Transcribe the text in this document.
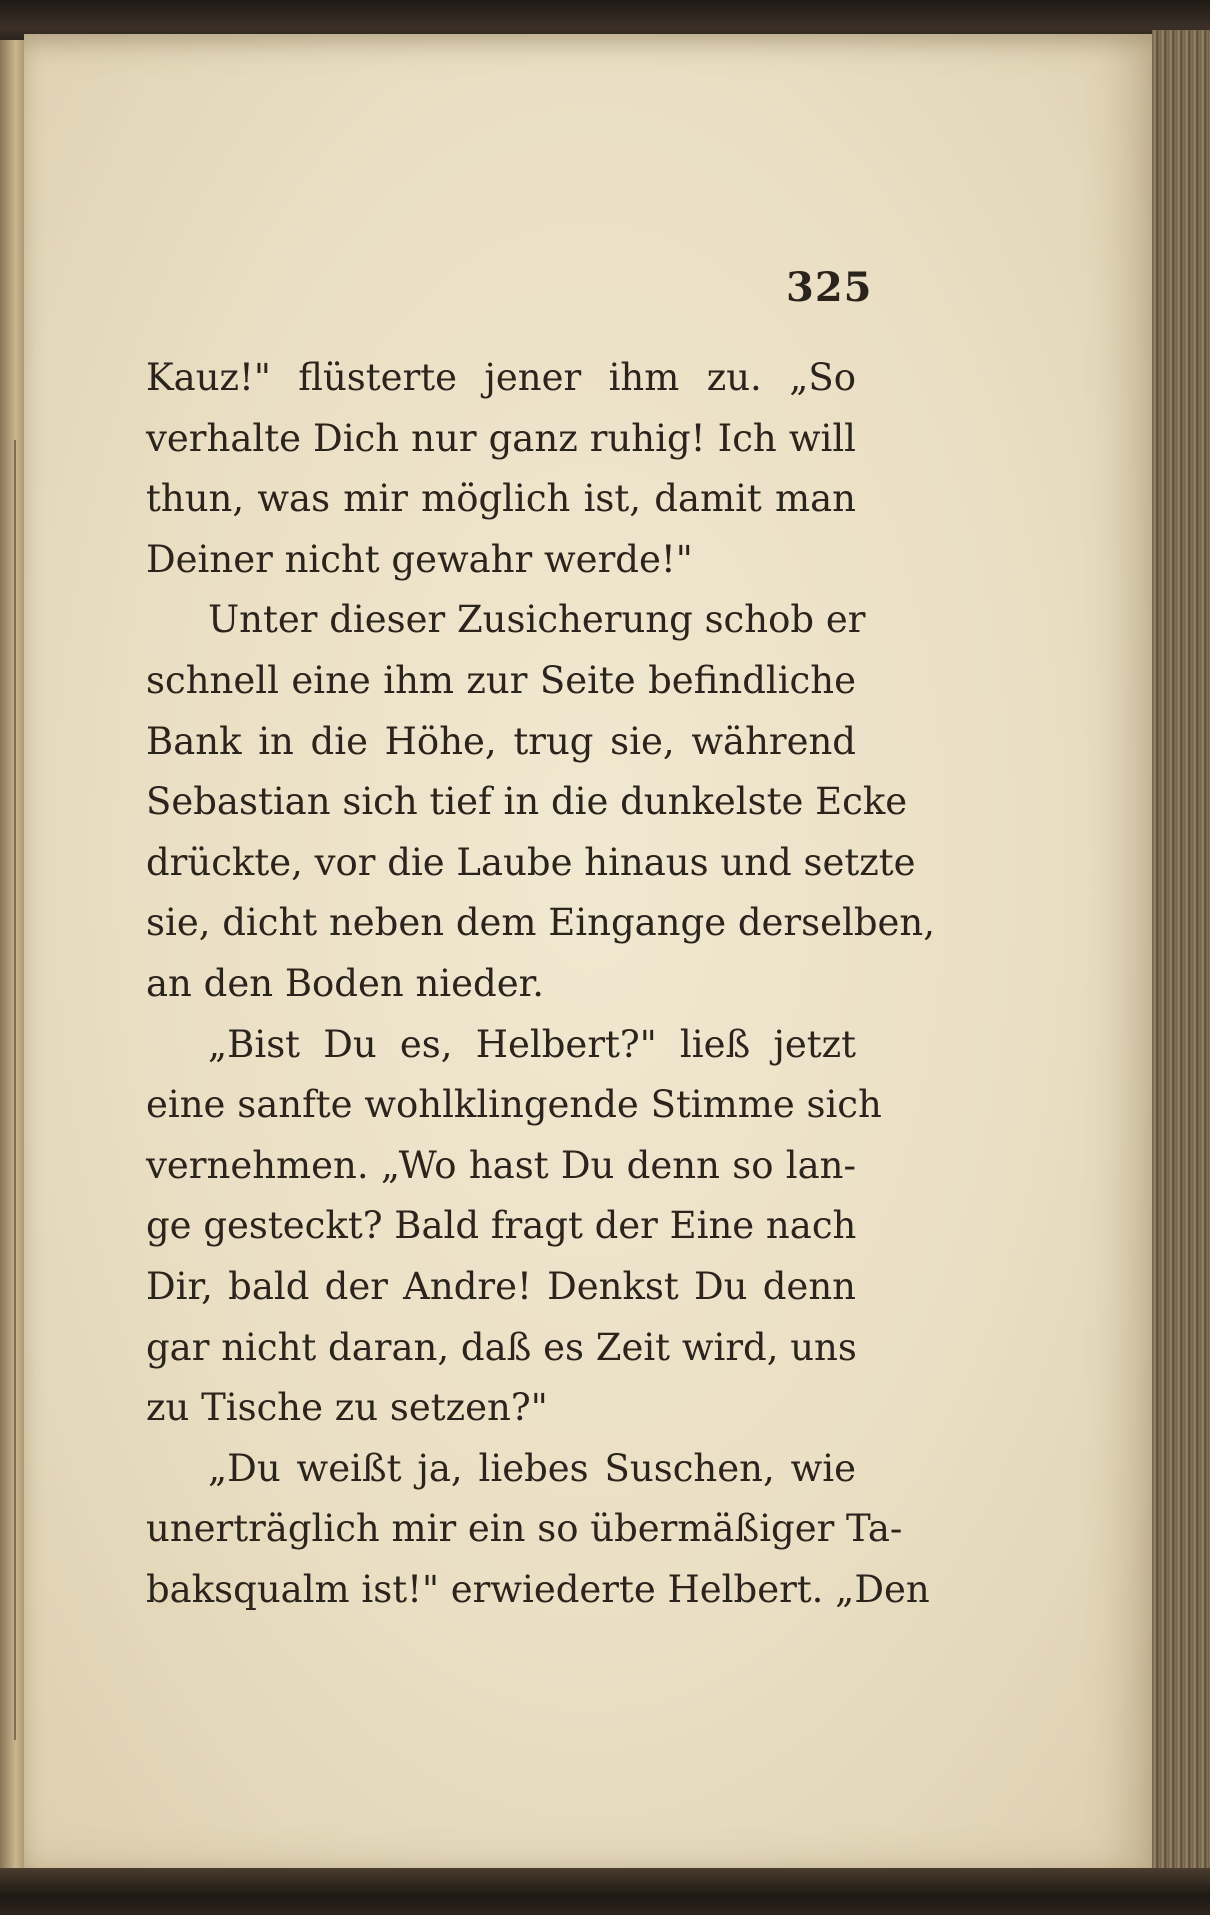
325
Kauz!" flüsterte jener ihm zu. „So
verhalte Dich nur ganz ruhig! Ich will
thun, was mir möglich ist, damit man
Deiner nicht gewahr werde!"
Unter dieser Zusicherung schob er
schnell eine ihm zur Seite befindliche
Bank in die Höhe, trug sie, während
Sebastian sich tief in die dunkelste Ecke
drückte, vor die Laube hinaus und setzte
sie, dicht neben dem Eingange derselben,
an den Boden nieder.
„Bist Du es, Helbert?" ließ jetzt
eine sanfte wohlklingende Stimme sich
vernehmen. „Wo hast Du denn so lan-
ge gesteckt? Bald fragt der Eine nach
Dir, bald der Andre! Denkst Du denn
gar nicht daran, daß es Zeit wird, uns
zu Tische zu setzen?"
„Du weißt ja, liebes Suschen, wie
unerträglich mir ein so übermäßiger Ta-
baksqualm ist!" erwiederte Helbert. „Den
